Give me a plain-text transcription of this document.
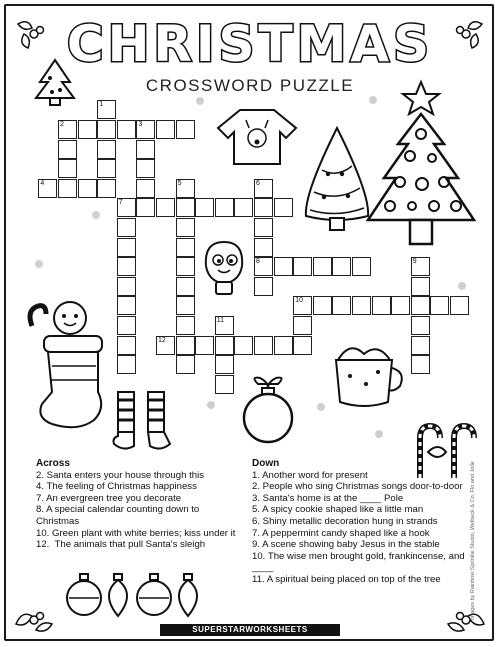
CHRISTMAS
CROSSWORD PUZZLE
2	3
1
4
7
5	6
8
10
9
11
12
Across
2. Santa enters your house through this
4. The feeling of Christmas happiness
7. An evergreen tree you decorate
8. A special calendar counting down to Christmas
10. Green plant with white berries; kiss under it
12.  The animals that pull Santa's sleigh
Down
1. Another word for present
2. People who sing Christmas songs door-to-door
3. Santa's home is at the ____ Pole
5. A spicy cookie shaped like a little man
6. Shiny metallic decoration hung in strands
7. A peppermint candy shaped like a hook
9. A scene showing baby Jesus in the stable
10. The wise men brought gold, frankincense, and ____
11. A spiritual being placed on top of the tree	Images by Rainbow Sprinkle Studio, Welbeck & Co, Flo and Jolie
SUPERSTARWORKSHEETS
